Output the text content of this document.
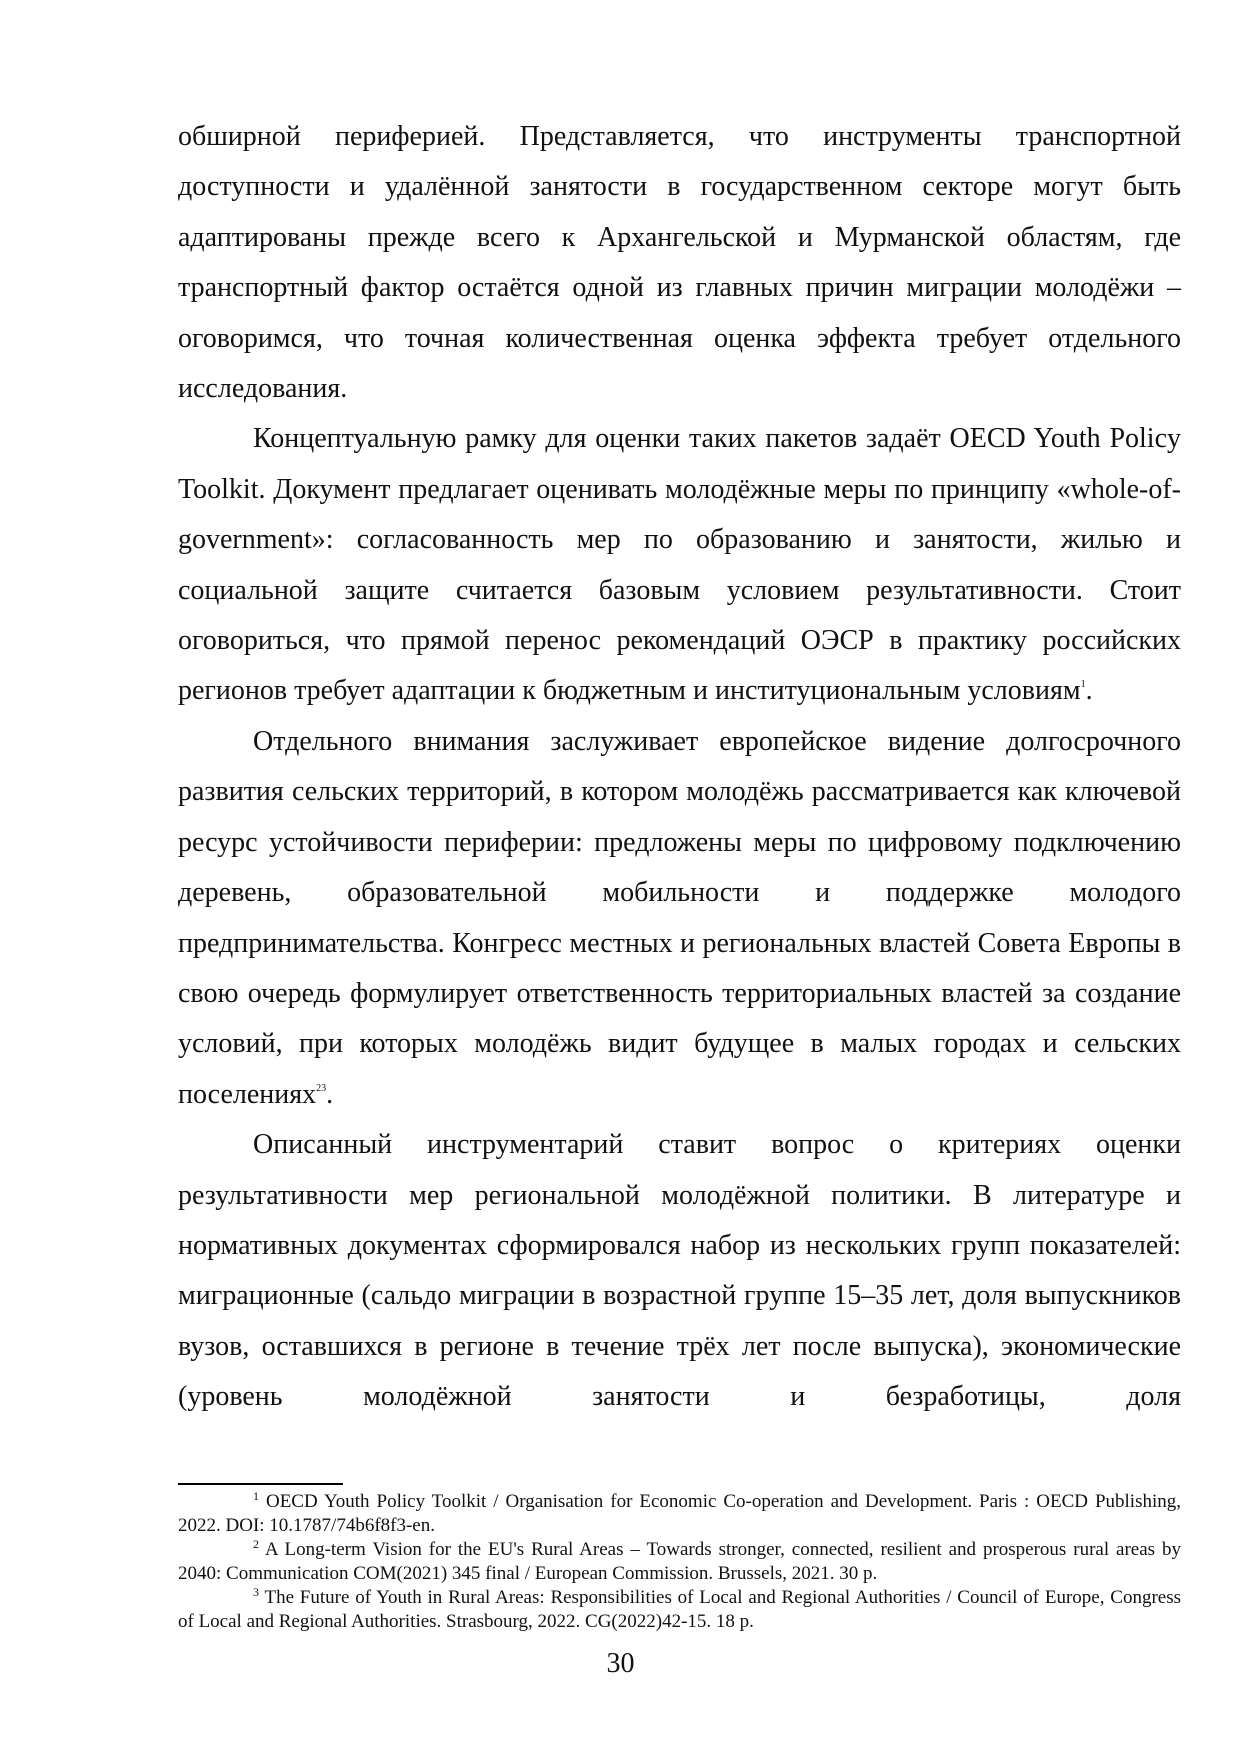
обширной периферией. Представляется, что инструменты транспортной доступности и удалённой занятости в государственном секторе могут быть адаптированы прежде всего к Архангельской и Мурманской областям, где транспортный фактор остаётся одной из главных причин миграции молодёжи – оговоримся, что точная количественная оценка эффекта требует отдельного исследования.

Концептуальную рамку для оценки таких пакетов задаёт OECD Youth Policy Toolkit. Документ предлагает оценивать молодёжные меры по принципу «whole-of-government»: согласованность мер по образованию и занятости, жилью и социальной защите считается базовым условием результативности. Стоит оговориться, что прямой перенос рекомендаций ОЭСР в практику российских регионов требует адаптации к бюджетным и институциональным условиям$^1$.

Отдельного внимания заслуживает европейское видение долгосрочного развития сельских территорий, в котором молодёжь рассматривается как ключевой ресурс устойчивости периферии: предложены меры по цифровому подключению деревень, образовательной мобильности и поддержке молодого предпринимательства. Конгресс местных и региональных властей Совета Европы в свою очередь формулирует ответственность территориальных властей за создание условий, при которых молодёжь видит будущее в малых городах и сельских поселениях$^{23}$.

Описанный инструментарий ставит вопрос о критериях оценки результативности мер региональной молодёжной политики. В литературе и нормативных документах сформировался набор из нескольких групп показателей: миграционные (сальдо миграции в возрастной группе 15–35 лет, доля выпускников вузов, оставшихся в регионе в течение трёх лет после выпуска), экономические (уровень молодёжной занятости и безработицы, доля

$^1$ OECD Youth Policy Toolkit / Organisation for Economic Co-operation and Development. Paris : OECD Publishing, 2022. DOI: 10.1787/74b6f8f3-en.

$^2$ A Long-term Vision for the EU's Rural Areas – Towards stronger, connected, resilient and prosperous rural areas by 2040: Communication COM(2021) 345 final / European Commission. Brussels, 2021. 30 p.

$^3$ The Future of Youth in Rural Areas: Responsibilities of Local and Regional Authorities / Council of Europe, Congress of Local and Regional Authorities. Strasbourg, 2022. CG(2022)42-15. 18 p.

30
